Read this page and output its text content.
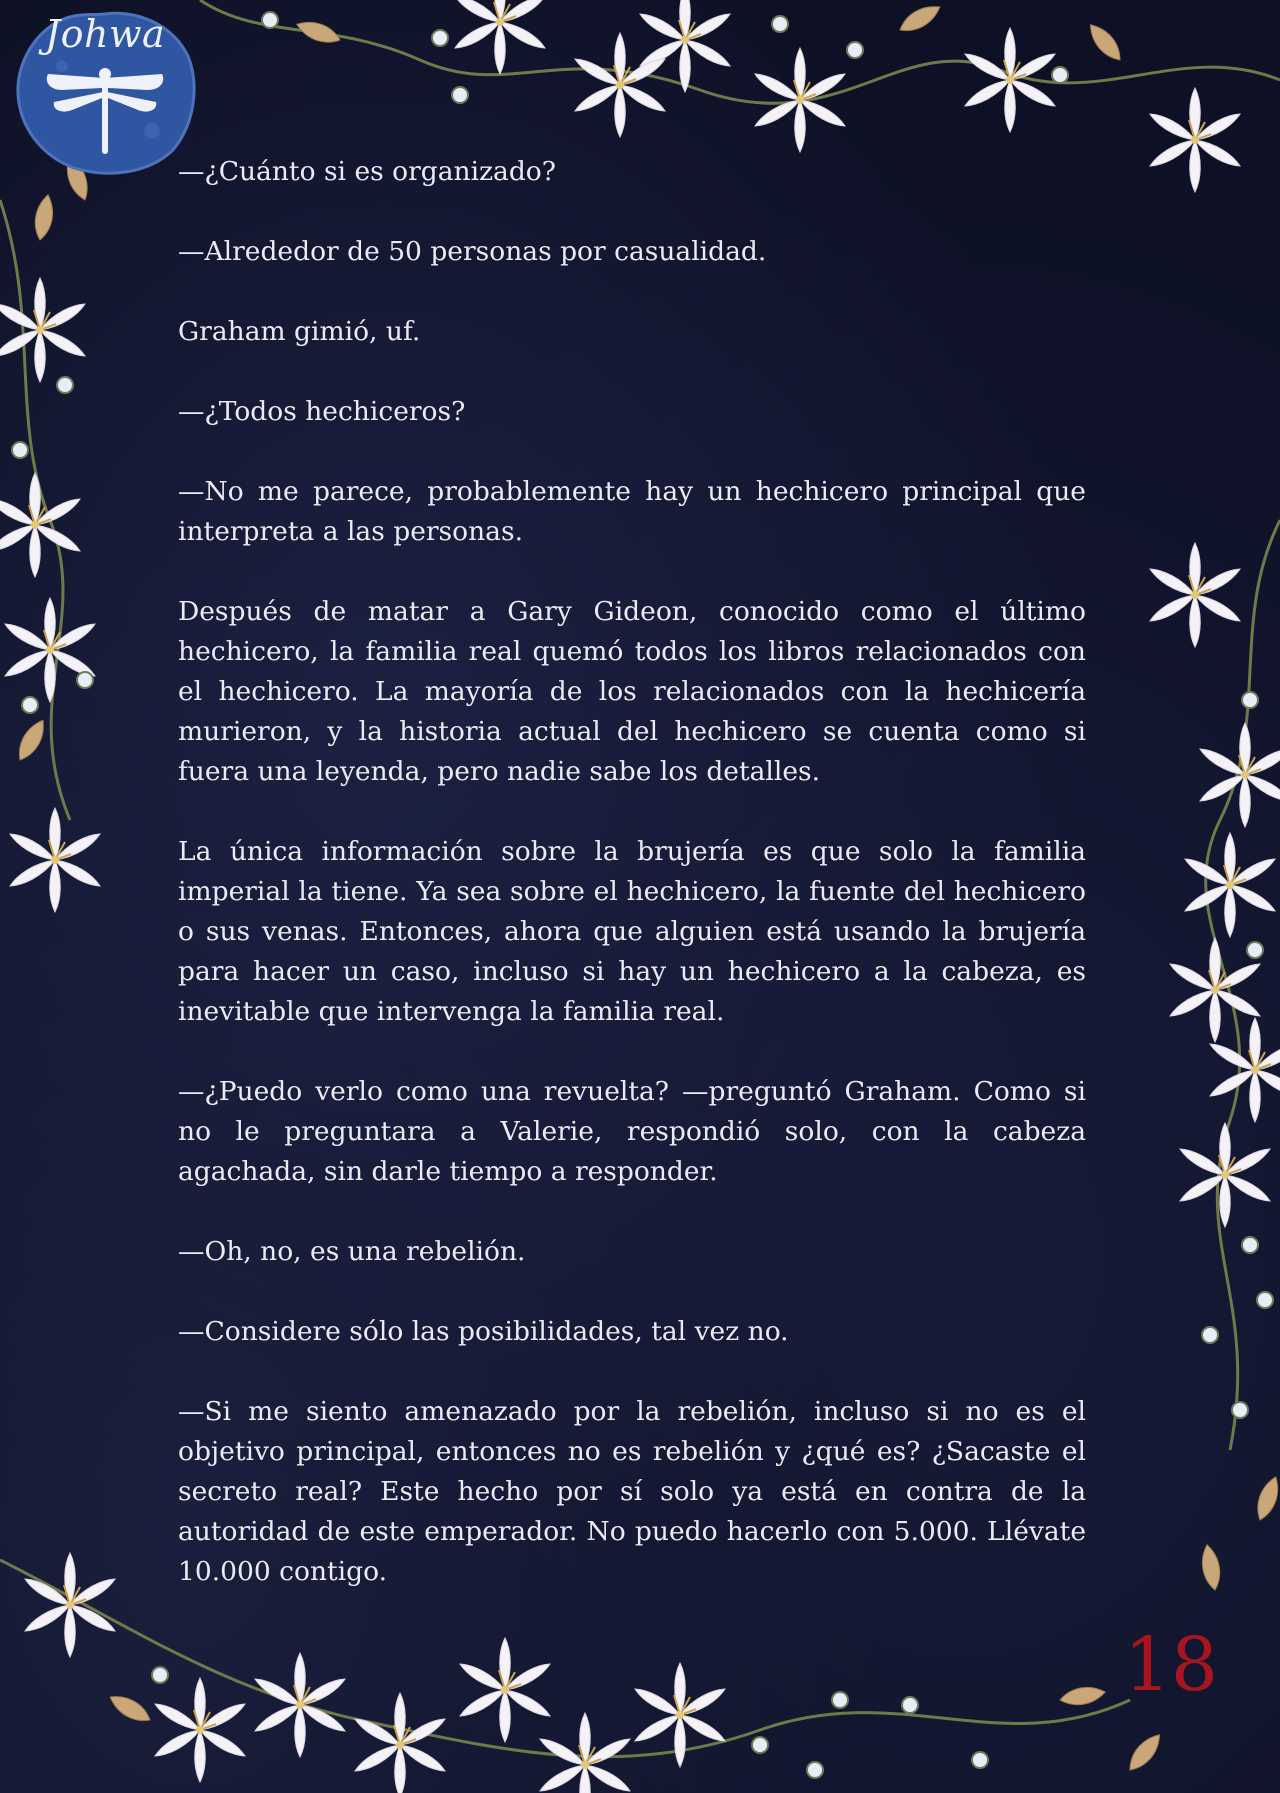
Johwa

—¿Cuánto si es organizado?

—Alrededor de 50 personas por casualidad.

Graham gimió, uf.

—¿Todos hechiceros?

—No me parece, probablemente hay un hechicero principal que interpreta a las personas.

Después de matar a Gary Gideon, conocido como el último hechicero, la familia real quemó todos los libros relacionados con el hechicero. La mayoría de los relacionados con la hechicería murieron, y la historia actual del hechicero se cuenta como si fuera una leyenda, pero nadie sabe los detalles.

La única información sobre la brujería es que solo la familia imperial la tiene. Ya sea sobre el hechicero, la fuente del hechicero o sus venas. Entonces, ahora que alguien está usando la brujería para hacer un caso, incluso si hay un hechicero a la cabeza, es inevitable que intervenga la familia real.

—¿Puedo verlo como una revuelta? —preguntó Graham. Como si no le preguntara a Valerie, respondió solo, con la cabeza agachada, sin darle tiempo a responder.

—Oh, no, es una rebelión.

—Considere sólo las posibilidades, tal vez no.

—Si me siento amenazado por la rebelión, incluso si no es el objetivo principal, entonces no es rebelión y ¿qué es? ¿Sacaste el secreto real? Este hecho por sí solo ya está en contra de la autoridad de este emperador. No puedo hacerlo con 5.000. Llévate 10.000 contigo.

18
